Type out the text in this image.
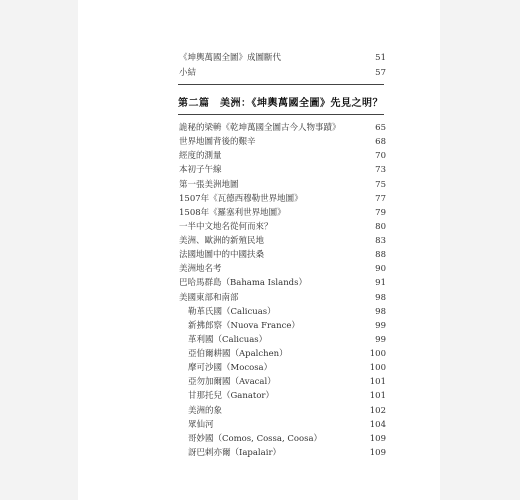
《坤輿萬國全圖》成圖斷代	51
小結	57
第二篇　美洲：《坤輿萬國全圖》先見之明？
詭秘的梁輈《乾坤萬國全圖古今人物事蹟》	65
世界地圖背後的艱辛	68
經度的測量	70
本初子午線	73
第一張美洲地圖	75
1507年《瓦德西穆勒世界地圖》	77
1508年《羅塞利世界地圖》	79
一半中文地名從何而來？	80
美洲、歐洲的新殖民地	83
法國地圖中的中國扶桑	88
美洲地名考	90
巴哈馬群島（Bahama Islands）	91
美國東部和南部	98
勒革氏國（Calicuas）	98
新拂郎察（Nuova France）	99
革利國（Calicuas）	99
亞伯爾耕國（Apalchen）	100
摩可沙國（Mocosa）	100
亞勿加爾國（Avacal）	101
甘那托兒（Ganator）	101
美洲的象	102
眾仙河	104
哥妙國（Comos, Cossa, Coosa）	109
訝巴剌亦爾（Iapalair）	109
